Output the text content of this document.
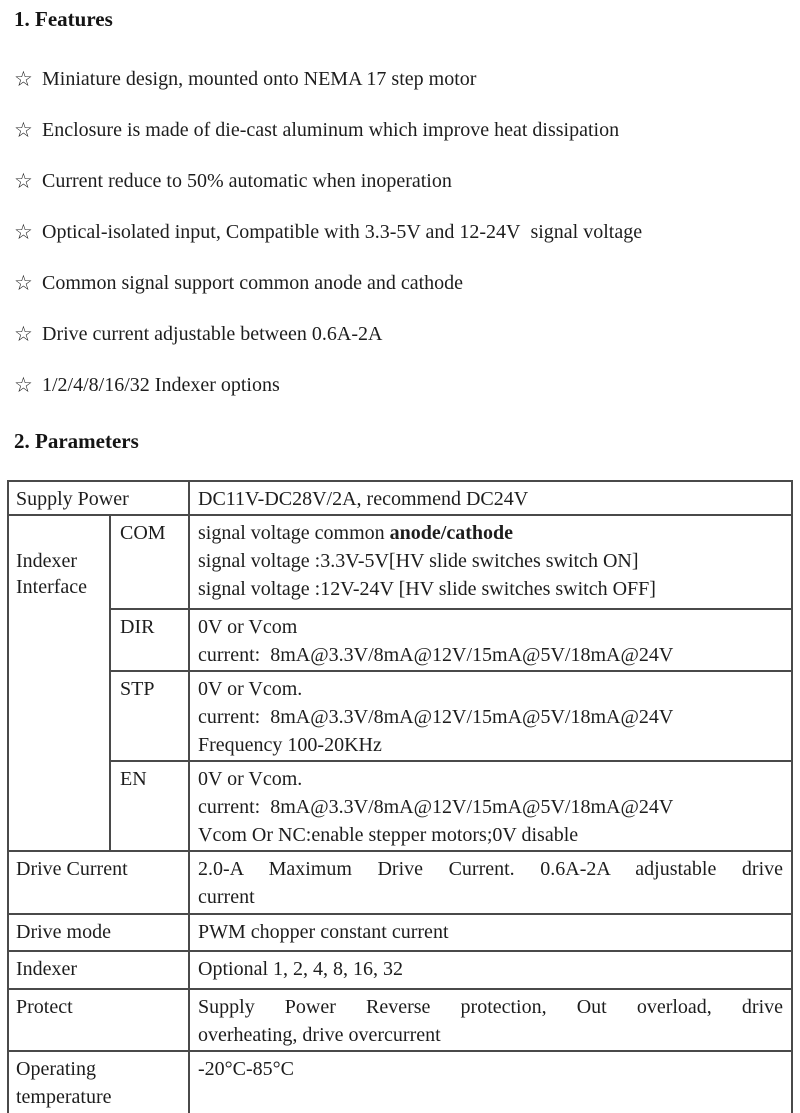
1. Features
☆ Miniature design, mounted onto NEMA 17 step motor
☆ Enclosure is made of die-cast aluminum which improve heat dissipation
☆ Current reduce to 50% automatic when inoperation
☆ Optical-isolated input, Compatible with 3.3-5V and 12-24V  signal voltage
☆ Common signal support common anode and cathode
☆ Drive current adjustable between 0.6A-2A
☆ 1/2/4/8/16/32 Indexer options
2. Parameters
Supply Power		DC11V-DC28V/2A, recommend DC24V
Indexer Interface	COM	signal voltage common anode/cathode
signal voltage :3.3V-5V[HV slide switches switch ON]
signal voltage :12V-24V [HV slide switches switch OFF]

	DIR	0V or Vcom
current:  8mA@3.3V/8mA@12V/15mA@5V/18mA@24V

	STP	0V or Vcom.
current:  8mA@3.3V/8mA@12V/15mA@5V/18mA@24V
Frequency 100-20KHz

	EN	0V or Vcom.
current:  8mA@3.3V/8mA@12V/15mA@5V/18mA@24V
Vcom Or NC:enable stepper motors;0V disable

Drive Current		2.0-A Maximum Drive Current. 0.6A-2A adjustable drive
current

Drive mode		PWM chopper constant current
Indexer		Optional 1, 2, 4, 8, 16, 32
Protect		Supply Power Reverse protection, Out overload, drive
overheating, drive overcurrent

Operating temperature		-20°C-85°C
